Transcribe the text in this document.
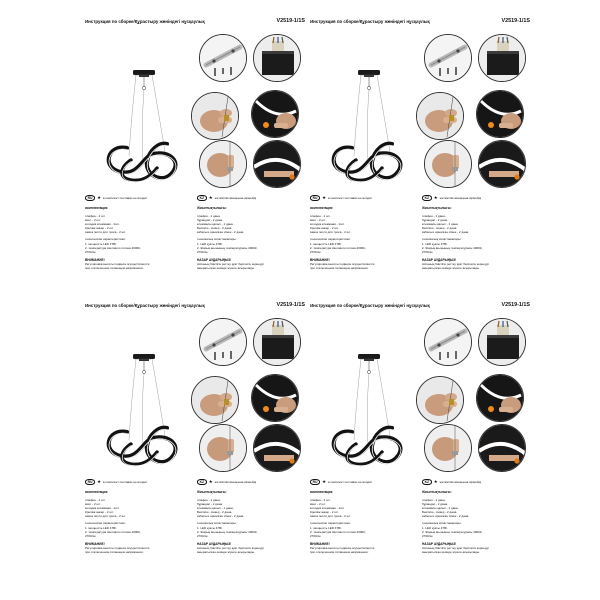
Инструкция по сборке/Құрастыру жөніндегі нұсқаулық	V2519-1/1S
RU	★ в комплект поставки не входит
комплектация:
плафон - 1 шт.
винт - 2 шт.
колодка клеммная - 1шт.
Крепёж анкер - 2 шт.
замок петля для троса - 2 шт.
технические характеристики:
1. мощность LED 47Вт.
2. температура светового потока 4000К,
2700лм
ВНИМАНИЕ!
Регулировка высоты подвеса осуществляется
при отключенном питающем напряжении.
KZ	★ жеткізілім жинағына кірмейді
Жиынтықтылығы:
плафон - 1 дана.
бұрандас - 2 дана.
клеммалы қалып - 1 дана.
Бекіткіш - Анкер - 2 дана.
кабельге арналған ілмек - 2 дана.
техникалық сипаттамалары:
1. LED қуаты 47Вт.
2. Жарық ағынының температурасы 4000К,
2700лм
НАЗАР АУДАРЫҢЫЗ!
Аспаның биіктігін реттеу қуат берілетін кернеуді
ажыратылған кезінде жүзеге асырылады.
Инструкция по сборке/Құрастыру жөніндегі нұсқаулық	V2519-1/1S
RU	★ в комплект поставки не входит
комплектация:
плафон - 1 шт.
винт - 2 шт.
колодка клеммная - 1шт.
Крепёж анкер - 2 шт.
замок петля для троса - 2 шт.
технические характеристики:
1. мощность LED 47Вт.
2. температура светового потока 4000К,
2700лм
ВНИМАНИЕ!
Регулировка высоты подвеса осуществляется
при отключенном питающем напряжении.
KZ	★ жеткізілім жинағына кірмейді
Жиынтықтылығы:
плафон - 1 дана.
бұрандас - 2 дана.
клеммалы қалып - 1 дана.
Бекіткіш - Анкер - 2 дана.
кабельге арналған ілмек - 2 дана.
техникалық сипаттамалары:
1. LED қуаты 47Вт.
2. Жарық ағынының температурасы 4000К,
2700лм
НАЗАР АУДАРЫҢЫЗ!
Аспаның биіктігін реттеу қуат берілетін кернеуді
ажыратылған кезінде жүзеге асырылады.
Инструкция по сборке/Құрастыру жөніндегі нұсқаулық	V2519-1/1S
RU	★ в комплект поставки не входит
комплектация:
плафон - 1 шт.
винт - 2 шт.
колодка клеммная - 1шт.
Крепёж анкер - 2 шт.
замок петля для троса - 2 шт.
технические характеристики:
1. мощность LED 47Вт.
2. температура светового потока 4000К,
2700лм
ВНИМАНИЕ!
Регулировка высоты подвеса осуществляется
при отключенном питающем напряжении.
KZ	★ жеткізілім жинағына кірмейді
Жиынтықтылығы:
плафон - 1 дана.
бұрандас - 2 дана.
клеммалы қалып - 1 дана.
Бекіткіш - Анкер - 2 дана.
кабельге арналған ілмек - 2 дана.
техникалық сипаттамалары:
1. LED қуаты 47Вт.
2. Жарық ағынының температурасы 4000К,
2700лм
НАЗАР АУДАРЫҢЫЗ!
Аспаның биіктігін реттеу қуат берілетін кернеуді
ажыратылған кезінде жүзеге асырылады.
Инструкция по сборке/Құрастыру жөніндегі нұсқаулық	V2519-1/1S
RU	★ в комплект поставки не входит
комплектация:
плафон - 1 шт.
винт - 2 шт.
колодка клеммная - 1шт.
Крепёж анкер - 2 шт.
замок петля для троса - 2 шт.
технические характеристики:
1. мощность LED 47Вт.
2. температура светового потока 4000К,
2700лм
ВНИМАНИЕ!
Регулировка высоты подвеса осуществляется
при отключенном питающем напряжении.
KZ	★ жеткізілім жинағына кірмейді
Жиынтықтылығы:
плафон - 1 дана.
бұрандас - 2 дана.
клеммалы қалып - 1 дана.
Бекіткіш - Анкер - 2 дана.
кабельге арналған ілмек - 2 дана.
техникалық сипаттамалары:
1. LED қуаты 47Вт.
2. Жарық ағынының температурасы 4000К,
2700лм
НАЗАР АУДАРЫҢЫЗ!
Аспаның биіктігін реттеу қуат берілетін кернеуді
ажыратылған кезінде жүзеге асырылады.
